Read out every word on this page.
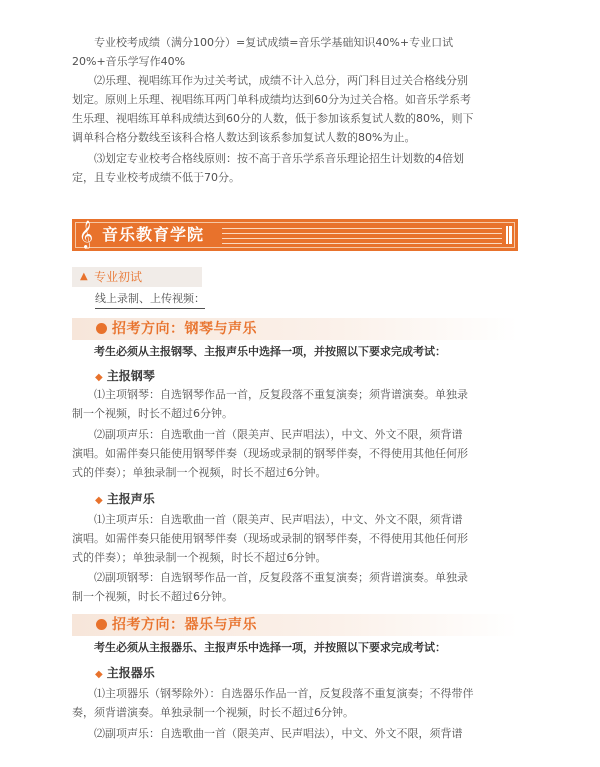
专业校考成绩（满分100分）=复试成绩=音乐学基础知识40%+专业口试
20%+音乐学写作40%
⑵乐理、视唱练耳作为过关考试，成绩不计入总分，两门科目过关合格线分别
划定。原则上乐理、视唱练耳两门单科成绩均达到60分为过关合格。如音乐学系考
生乐理、视唱练耳单科成绩达到60分的人数，低于参加该系复试人数的80%，则下
调单科合格分数线至该科合格人数达到该系参加复试人数的80%为止。
⑶划定专业校考合格线原则：按不高于音乐学系音乐理论招生计划数的4倍划
定，且专业校考成绩不低于70分。
𝄞 音乐教育学院
▲ 专业初试
线上录制、上传视频：
招考方向：钢琴与声乐
考生必须从主报钢琴、主报声乐中选择一项，并按照以下要求完成考试：
◆ 主报钢琴
⑴主项钢琴：自选钢琴作品一首，反复段落不重复演奏；须背谱演奏。单独录
制一个视频，时长不超过6分钟。
⑵副项声乐：自选歌曲一首（限美声、民声唱法），中文、外文不限，须背谱
演唱。如需伴奏只能使用钢琴伴奏（现场或录制的钢琴伴奏，不得使用其他任何形
式的伴奏）；单独录制一个视频，时长不超过6分钟。
◆ 主报声乐
⑴主项声乐：自选歌曲一首（限美声、民声唱法），中文、外文不限，须背谱
演唱。如需伴奏只能使用钢琴伴奏（现场或录制的钢琴伴奏，不得使用其他任何形
式的伴奏）；单独录制一个视频，时长不超过6分钟。
⑵副项钢琴：自选钢琴作品一首，反复段落不重复演奏；须背谱演奏。单独录
制一个视频，时长不超过6分钟。
招考方向：器乐与声乐
考生必须从主报器乐、主报声乐中选择一项，并按照以下要求完成考试：
◆ 主报器乐
⑴主项器乐（钢琴除外）：自选器乐作品一首，反复段落不重复演奏；不得带伴
奏，须背谱演奏。单独录制一个视频，时长不超过6分钟。
⑵副项声乐：自选歌曲一首（限美声、民声唱法），中文、外文不限，须背谱
